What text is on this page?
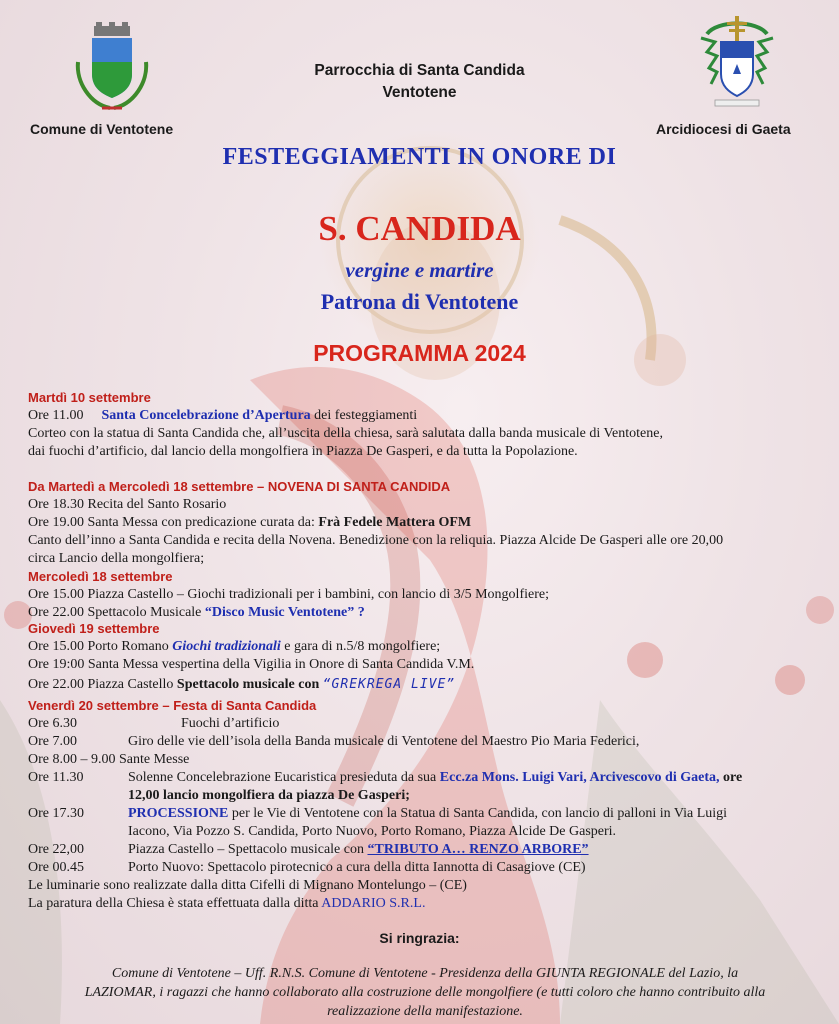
Parrocchia di Santa Candida
Ventotene
Comune di Ventotene	Arcidiocesi di Gaeta
FESTEGGIAMENTI IN ONORE DI
S. CANDIDA
vergine e martire
Patrona di Ventotene
PROGRAMMA 2024
Martdì 10 settembre
Ore 11.00 Santa Concelebrazione d’Apertura dei festeggiamenti
Corteo con la statua di Santa Candida che, all’uscita della chiesa, sarà salutata dalla banda musicale di Ventotene,
dai fuochi d’artificio, dal lancio della mongolfiera in Piazza De Gasperi, e da tutta la Popolazione.
Da Martedì a Mercoledì 18 settembre – NOVENA DI SANTA CANDIDA
Ore 18.30 Recita del Santo Rosario
Ore 19.00 Santa Messa con predicazione curata da: Frà Fedele Mattera OFM
Canto dell’inno a Santa Candida e recita della Novena. Benedizione con la reliquia. Piazza Alcide De Gasperi alle ore 20,00
circa Lancio della mongolfiera;
Mercoledì 18 settembre
Ore 15.00 Piazza Castello – Giochi tradizionali per i bambini, con lancio di 3/5 Mongolfiere;
Ore 22.00 Spettacolo Musicale “Disco Music Ventotene” ?
Giovedì 19 settembre
Ore 15.00 Porto Romano Giochi tradizionali e gara di n.5/8 mongolfiere;
Ore 19:00 Santa Messa vespertina della Vigilia in Onore di Santa Candida V.M.
Ore 22.00 Piazza Castello Spettacolo musicale con “GREKREGA LIVE”
Venerdì 20 settembre – Festa di Santa Candida
Ore 6.30	Fuochi d’artificio
Ore 7.00	Giro delle vie dell’isola della Banda musicale di Ventotene del Maestro Pio Maria Federici,
Ore 8.00 – 9.00 Sante Messe
Ore 11.30	Solenne Concelebrazione Eucaristica presieduta da sua Ecc.za Mons. Luigi Vari, Arcivescovo di Gaeta, ore
12,00 lancio mongolfiera da piazza De Gasperi;
Ore 17.30	PROCESSIONE per le Vie di Ventotene con la Statua di Santa Candida, con lancio di palloni in Via Luigi
Iacono, Via Pozzo S. Candida, Porto Nuovo, Porto Romano, Piazza Alcide De Gasperi.
Ore 22,00	Piazza Castello – Spettacolo musicale con “TRIBUTO A… RENZO ARBORE”
Ore 00.45	Porto Nuovo: Spettacolo pirotecnico a cura della ditta Iannotta di Casagiove (CE)
Le luminarie sono realizzate dalla ditta Cifelli di Mignano Montelungo – (CE)
La paratura della Chiesa è stata effettuata dalla ditta ADDARIO S.R.L.
Si ringrazia:
Comune di Ventotene – Uff. R.N.S. Comune di Ventotene - Presidenza della GIUNTA REGIONALE del Lazio, la
LAZIOMAR, i ragazzi che hanno collaborato alla costruzione delle mongolfiere (e tutti coloro che hanno contribuito alla
realizzazione della manifestazione.
